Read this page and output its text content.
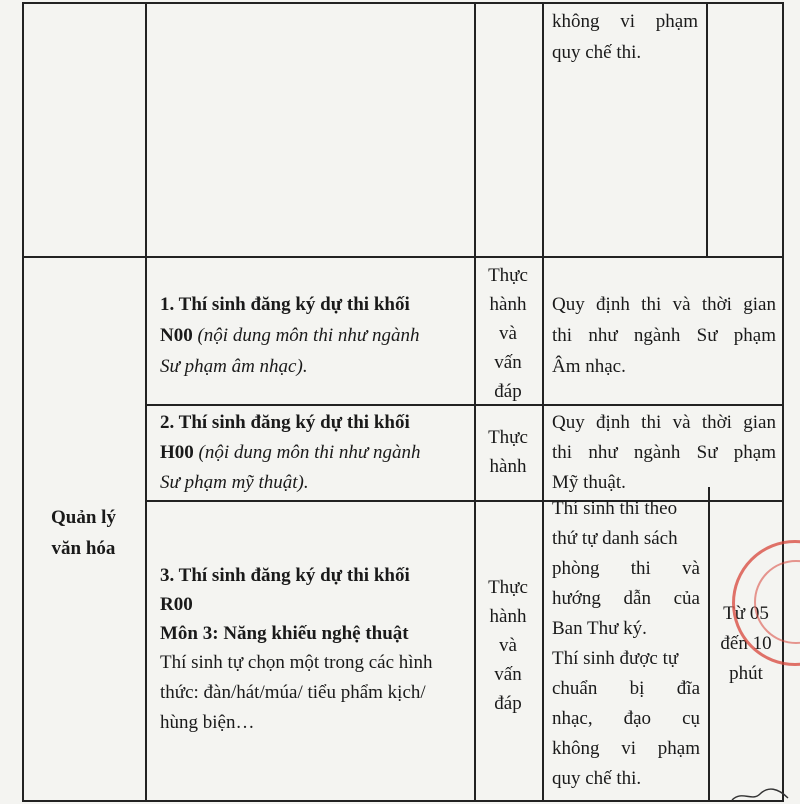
không vi phạm
quy chế thi.
Quản lý
văn hóa
1. Thí sinh đăng ký dự thi khối
N00 (nội dung môn thi như ngành
Sư phạm âm nhạc).
Thực
hành
và
vấn
đáp
Quy định thi và thời gian
thi như ngành Sư phạm
Âm nhạc.
2. Thí sinh đăng ký dự thi khối
H00 (nội dung môn thi như ngành
Sư phạm mỹ thuật).
Thực
hành
Quy định thi và thời gian
thi như ngành Sư phạm
Mỹ thuật.
3. Thí sinh đăng ký dự thi khối
R00
Môn 3: Năng khiếu nghệ thuật
Thí sinh tự chọn một trong các hình
thức: đàn/hát/múa/ tiểu phẩm kịch/
hùng biện…
Thực
hành
và
vấn
đáp
Thí sinh thi theo
thứ tự danh sách
phòng thi và
hướng dẫn của
Ban Thư ký.
Thí sinh được tự
chuẩn bị đĩa
nhạc, đạo cụ
không vi phạm
quy chế thi.
Từ 05
đến 10
phút
